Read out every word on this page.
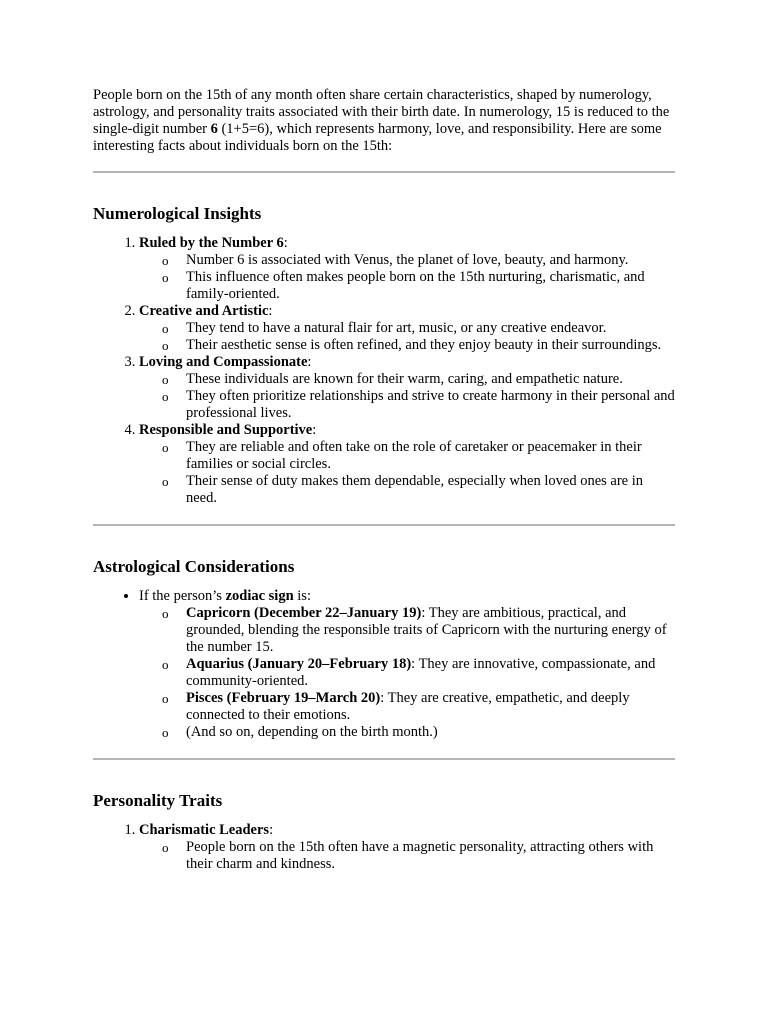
People born on the 15th of any month often share certain characteristics, shaped by numerology, astrology, and personality traits associated with their birth date. In numerology, 15 is reduced to the single-digit number 6 (1+5=6), which represents harmony, love, and responsibility. Here are some interesting facts about individuals born on the 15th:

Numerological Insights
1. Ruled by the Number 6:
o Number 6 is associated with Venus, the planet of love, beauty, and harmony.
o This influence often makes people born on the 15th nurturing, charismatic, and family-oriented.
2. Creative and Artistic:
o They tend to have a natural flair for art, music, or any creative endeavor.
o Their aesthetic sense is often refined, and they enjoy beauty in their surroundings.
3. Loving and Compassionate:
o These individuals are known for their warm, caring, and empathetic nature.
o They often prioritize relationships and strive to create harmony in their personal and professional lives.
4. Responsible and Supportive:
o They are reliable and often take on the role of caretaker or peacemaker in their families or social circles.
o Their sense of duty makes them dependable, especially when loved ones are in need.
Astrological Considerations
• If the person’s zodiac sign is:
o Capricorn (December 22–January 19): They are ambitious, practical, and grounded, blending the responsible traits of Capricorn with the nurturing energy of the number 15.
o Aquarius (January 20–February 18): They are innovative, compassionate, and community-oriented.
o Pisces (February 19–March 20): They are creative, empathetic, and deeply connected to their emotions.
o (And so on, depending on the birth month.)
Personality Traits
1. Charismatic Leaders:
o People born on the 15th often have a magnetic personality, attracting others with their charm and kindness.
